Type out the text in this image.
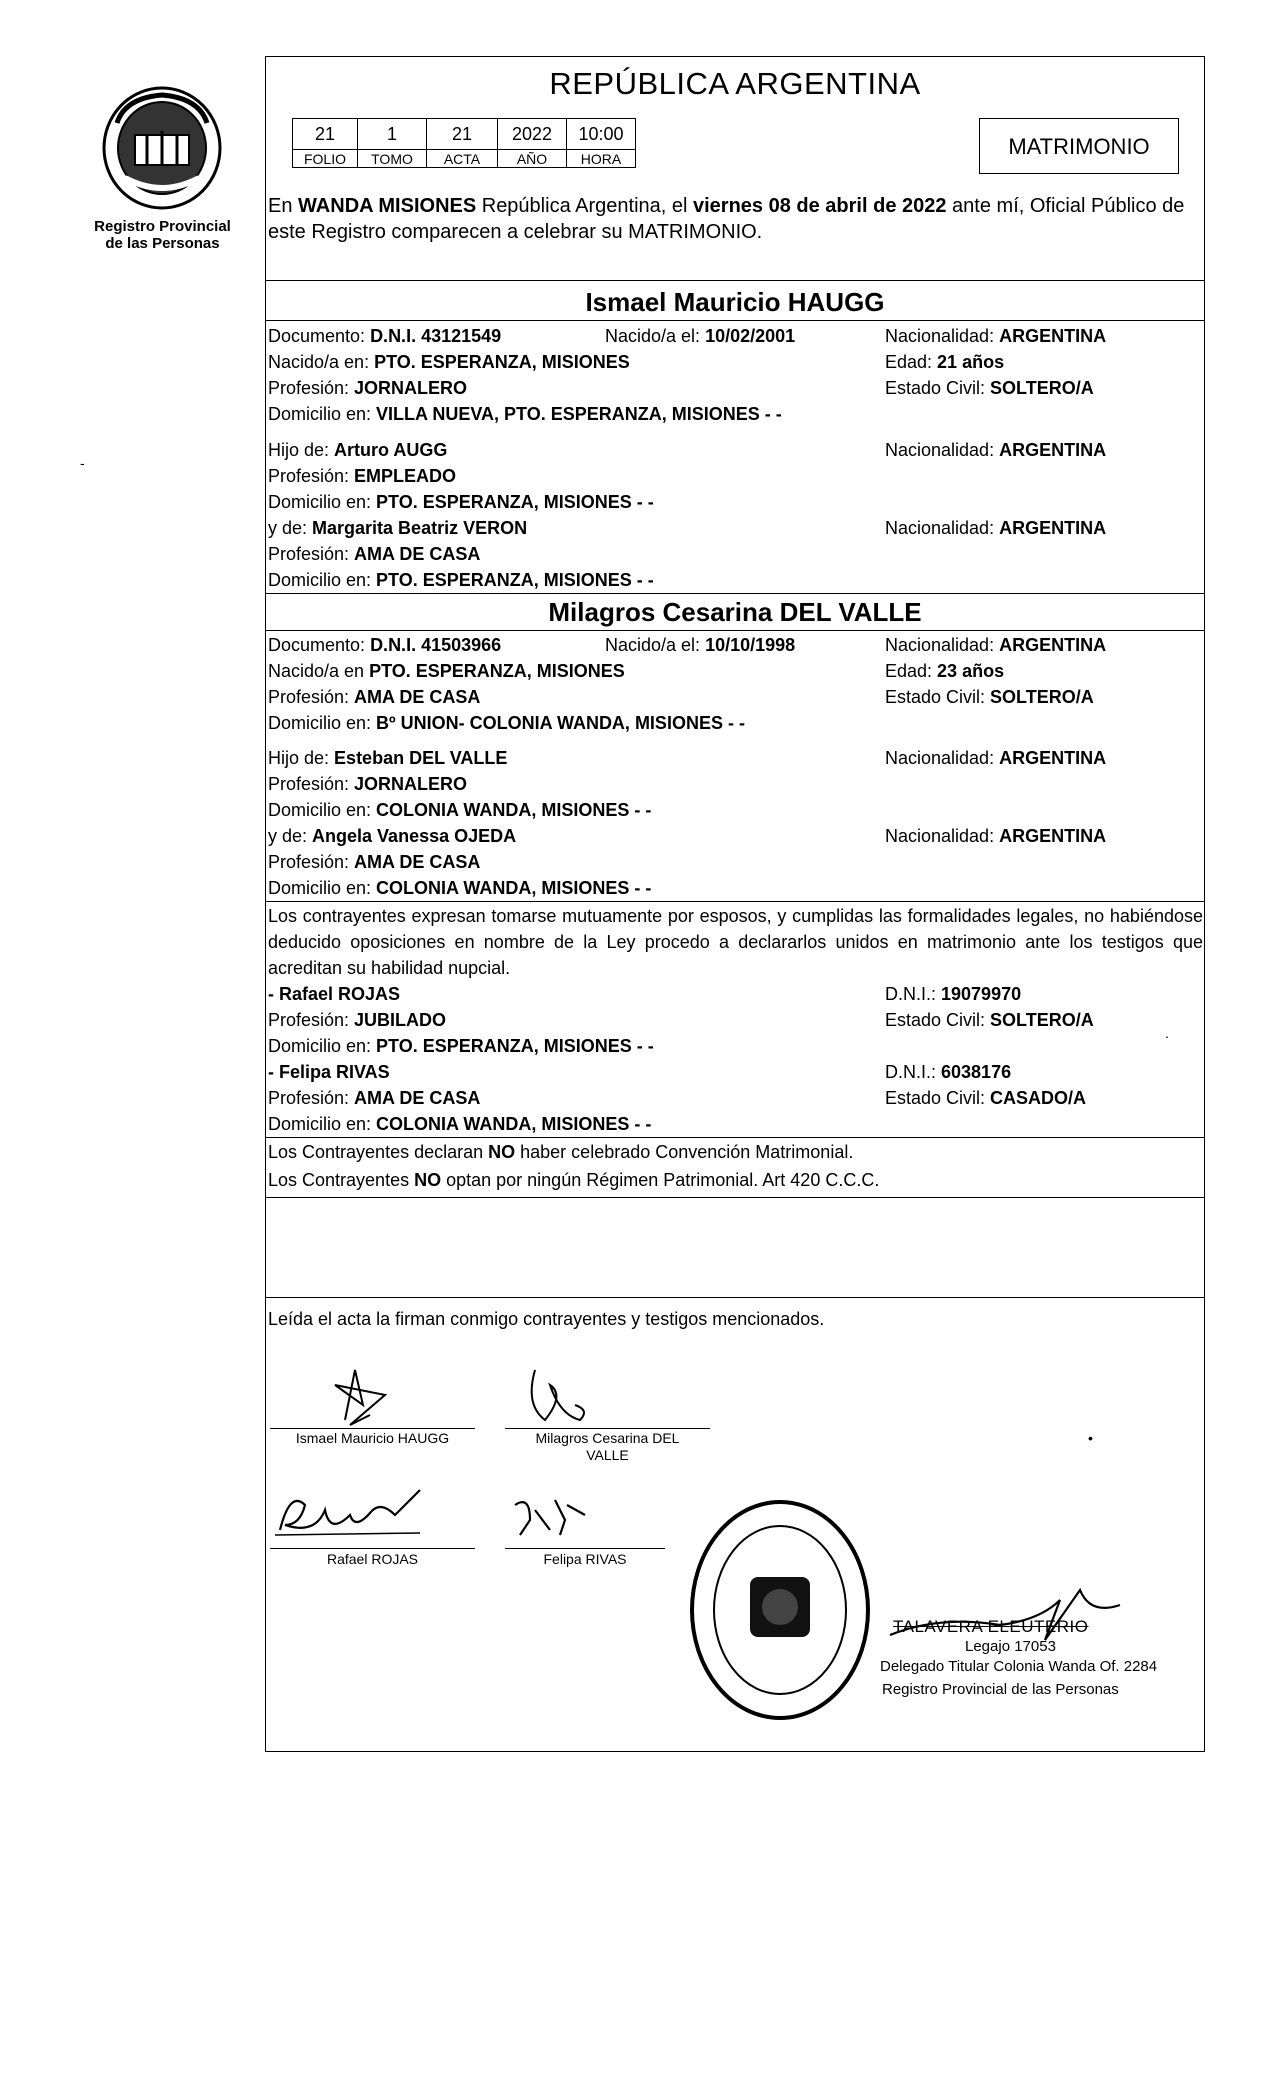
Registro Provincial
de las Personas
REPÚBLICA ARGENTINA
21	1	21	2022	10:00
FOLIO	TOMO	ACTA	AÑO	HORA	MATRIMONIO
En WANDA MISIONES República Argentina, el viernes 08 de abril de 2022 ante mí, Oficial Público de este Registro comparecen a celebrar su MATRIMONIO.
Ismael Mauricio HAUGG
Documento: D.N.I. 43121549	Nacido/a el: 10/02/2001	Nacionalidad: ARGENTINA
Nacido/a en: PTO. ESPERANZA, MISIONES	Edad: 21 años
Profesión: JORNALERO	Estado Civil: SOLTERO/A
Domicilio en: VILLA NUEVA, PTO. ESPERANZA, MISIONES - -
Hijo de: Arturo AUGG	Nacionalidad: ARGENTINA
Profesión: EMPLEADO
Domicilio en: PTO. ESPERANZA, MISIONES - -
y de: Margarita Beatriz VERON	Nacionalidad: ARGENTINA
Profesión: AMA DE CASA
Domicilio en: PTO. ESPERANZA, MISIONES - -
Milagros Cesarina DEL VALLE
Documento: D.N.I. 41503966	Nacido/a el: 10/10/1998	Nacionalidad: ARGENTINA
Nacido/a en PTO. ESPERANZA, MISIONES	Edad: 23 años
Profesión: AMA DE CASA	Estado Civil: SOLTERO/A
Domicilio en: Bº UNION- COLONIA WANDA, MISIONES - -
Hijo de: Esteban DEL VALLE	Nacionalidad: ARGENTINA
Profesión: JORNALERO
Domicilio en: COLONIA WANDA, MISIONES - -
y de: Angela Vanessa OJEDA	Nacionalidad: ARGENTINA
Profesión: AMA DE CASA
Domicilio en: COLONIA WANDA, MISIONES - -
Los contrayentes expresan tomarse mutuamente por esposos, y cumplidas las formalidades legales, no habiéndose deducido oposiciones en nombre de la Ley procedo a declararlos unidos en matrimonio ante los testigos que acreditan su habilidad nupcial.
- Rafael ROJAS	D.N.I.: 19079970
Profesión: JUBILADO	Estado Civil: SOLTERO/A
Domicilio en: PTO. ESPERANZA, MISIONES - -
- Felipa RIVAS	D.N.I.: 6038176
Profesión: AMA DE CASA	Estado Civil: CASADO/A
Domicilio en: COLONIA WANDA, MISIONES - -
Los Contrayentes declaran NO haber celebrado Convención Matrimonial.
Los Contrayentes NO optan por ningún Régimen Patrimonial. Art 420 C.C.C.
Leída el acta la firman conmigo contrayentes y testigos mencionados.
Ismael Mauricio HAUGG	Milagros Cesarina DEL
VALLE
Rafael ROJAS	Felipa RIVAS
TALAVERA ELEUTERIO
Legajo 17053
Delegado Titular Colonia Wanda Of. 2284
Registro Provincial de las Personas
-
•
.
